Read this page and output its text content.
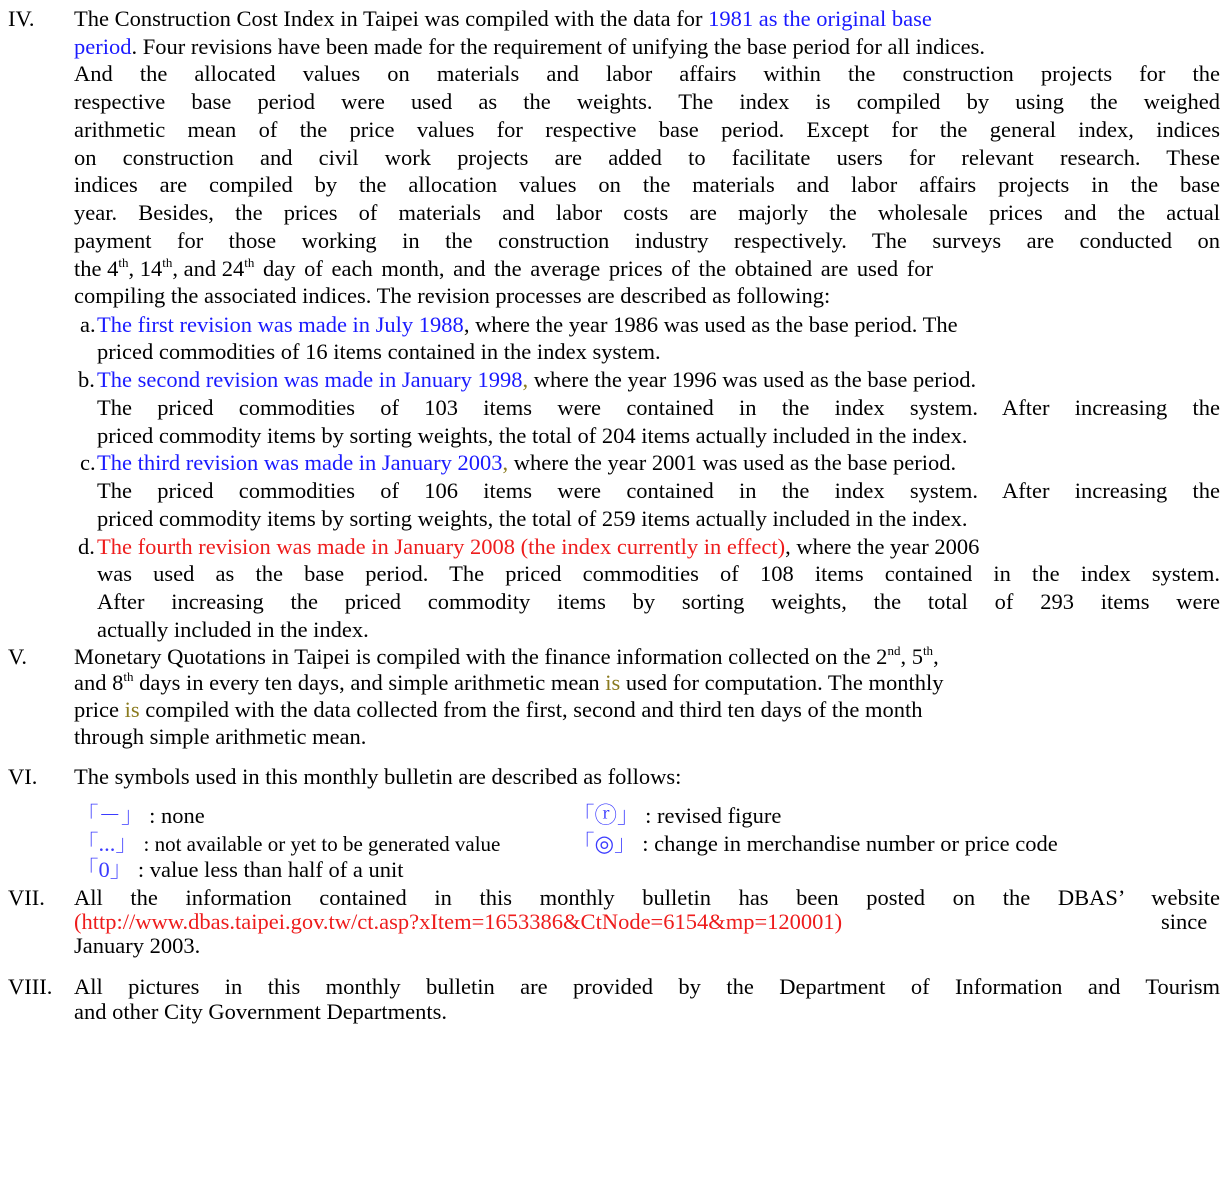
IV. The Construction Cost Index in Taipei was compiled with the data for 1981 as the original base
period. Four revisions have been made for the requirement of unifying the base period for all indices.
And the allocated values on materials and labor affairs within the construction projects for the
respective base period were used as the weights. The index is compiled by using the weighed
arithmetic mean of the price values for respective base period. Except for the general index, indices
on construction and civil work projects are added to facilitate users for relevant research. These
indices are compiled by the allocation values on the materials and labor affairs projects in the base
year. Besides, the prices of materials and labor costs are majorly the wholesale prices and the actual
payment for those working in the construction industry respectively. The surveys are conducted on
the 4th, 14th, and 24th day of each month, and the average prices of the obtained are used for
compiling the associated indices. The revision processes are described as following:
a. The first revision was made in July 1988, where the year 1986 was used as the base period. The
priced commodities of 16 items contained in the index system.
b. The second revision was made in January 1998, where the year 1996 was used as the base period.
The priced commodities of 103 items were contained in the index system. After increasing the
priced commodity items by sorting weights, the total of 204 items actually included in the index.
c. The third revision was made in January 2003, where the year 2001 was used as the base period.
The priced commodities of 106 items were contained in the index system. After increasing the
priced commodity items by sorting weights, the total of 259 items actually included in the index.
d. The fourth revision was made in January 2008 (the index currently in effect), where the year 2006
was used as the base period. The priced commodities of 108 items contained in the index system.
After increasing the priced commodity items by sorting weights, the total of 293 items were
actually included in the index.
V. Monetary Quotations in Taipei is compiled with the finance information collected on the 2nd, 5th,
and 8th days in every ten days, and simple arithmetic mean is used for computation. The monthly
price is compiled with the data collected from the first, second and third ten days of the month
through simple arithmetic mean.
VI. The symbols used in this monthly bulletin are described as follows:
「－」 : none	「ⓡ」 : revised figure
「...」 : not available or yet to be generated value	「◎」 : change in merchandise number or price code
「0」 : value less than half of a unit
VII. All the information contained in this monthly bulletin has been posted on the DBAS’ website
(http://www.dbas.taipei.gov.tw/ct.asp?xItem=1653386&CtNode=6154&mp=120001)	since
January 2003.
VIII. All pictures in this monthly bulletin are provided by the Department of Information and Tourism
and other City Government Departments.
